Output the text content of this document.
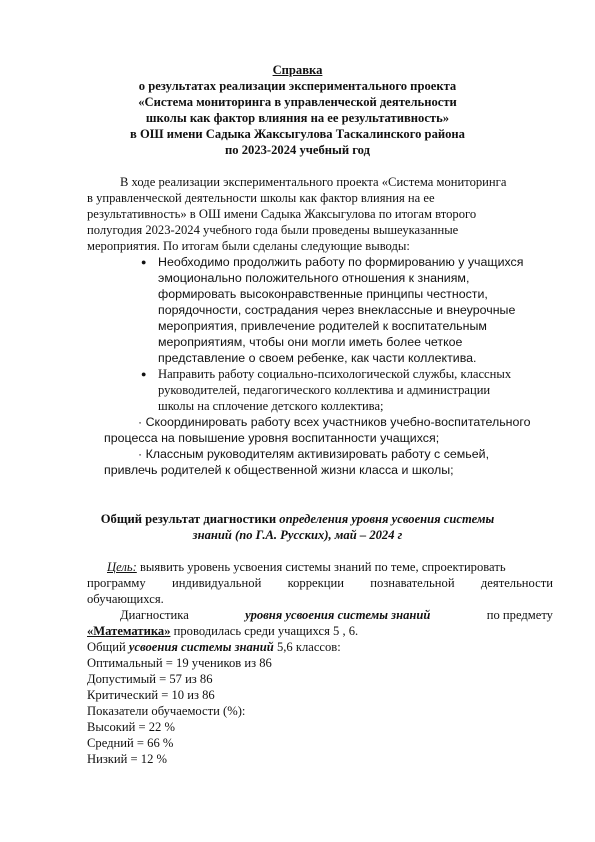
Справка
о результатах реализации экспериментального проекта
«Система мониторинга в управленческой деятельности
школы как фактор влияния на ее результативность»
в ОШ имени Садыка Жаксыгулова Таскалинского района
по 2023-2024 учебный год
В ходе реализации экспериментального проекта «Система мониторинга
в управленческой деятельности школы как фактор влияния на ее
результативность» в ОШ имени Садыка Жаксыгулова по итогам второго
полугодия 2023-2024 учебного года были проведены вышеуказанные
мероприятия. По итогам были сделаны следующие выводы:
● Необходимо продолжить работу по формированию у учащихся
эмоционально положительного отношения к знаниям,
формировать высоконравственные принципы честности,
порядочности, сострадания через внеклассные и внеурочные
мероприятия, привлечение родителей к воспитательным
мероприятиям, чтобы они могли иметь более четкое
представление о своем ребенке, как части коллектива.
● Направить работу социально-психологической службы, классных
руководителей, педагогического коллектива и администрации
школы на сплочение детского коллектива;
· Скоординировать работу всех участников учебно-воспитательного
процесса на повышение уровня воспитанности учащихся;
· Классным руководителям активизировать работу с семьей,
привлечь родителей к общественной жизни класса и школы;
Общий результат диагностики определения уровня усвоения системы
знаний (по Г.А. Русских), май – 2024 г
Цель: выявить уровень усвоения системы знаний по теме, спроектировать
программу индивидуальной коррекции познавательной деятельности
обучающихся.
Диагностика	уровня усвоения системы знаний	по предмету
«Математика» проводилась среди учащихся 5 , 6.
Общий усвоения системы знаний 5,6 классов:
Оптимальный = 19 учеников из 86
Допустимый = 57 из 86
Критический = 10 из 86
Показатели обучаемости (%):
Высокий = 22 %
Средний = 66 %
Низкий = 12 %
